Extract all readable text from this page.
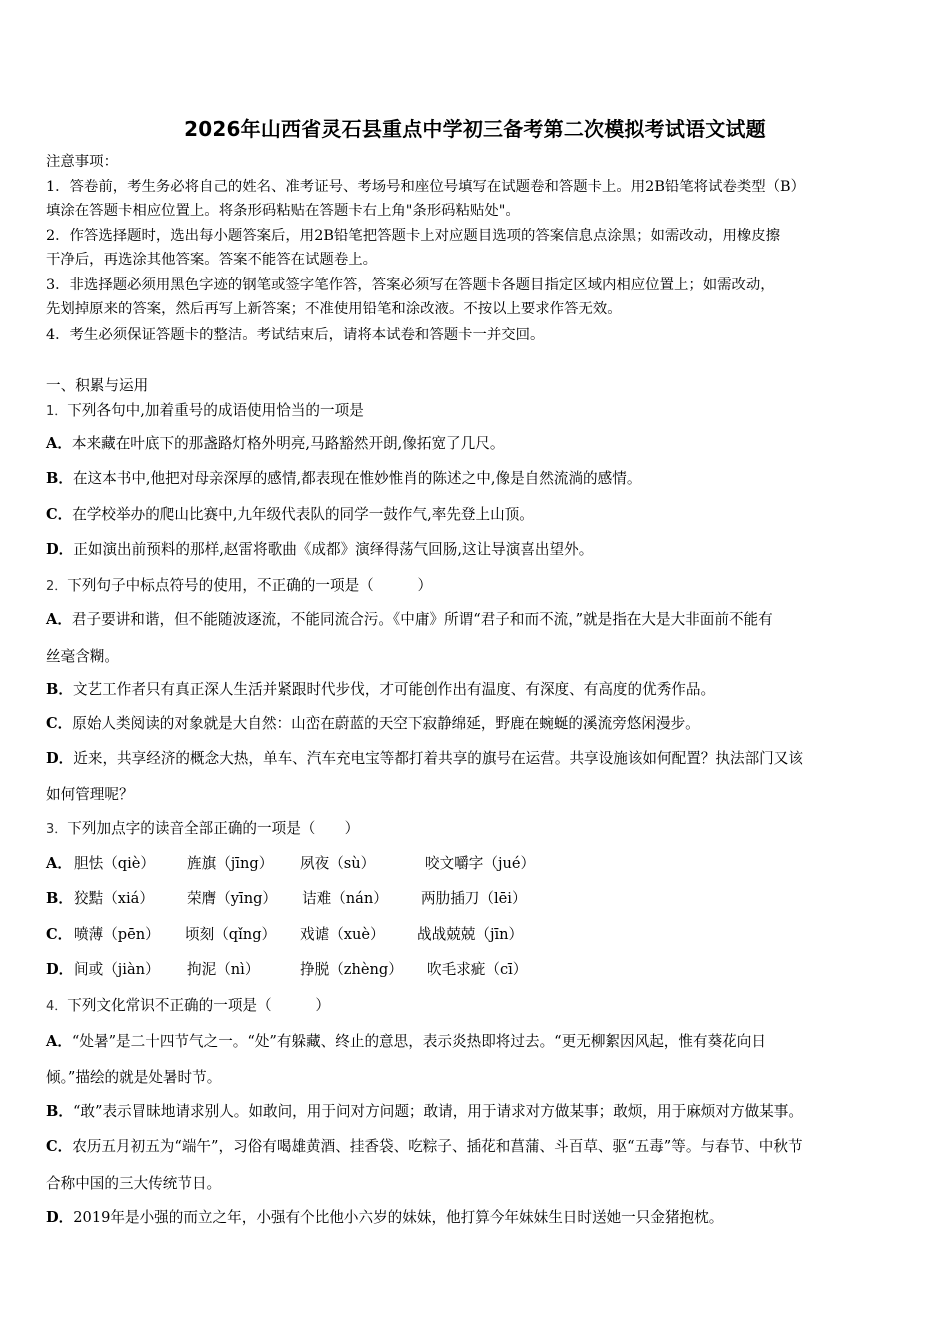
2026年山西省灵石县重点中学初三备考第二次模拟考试语文试题
注意事项：
1．答卷前，考生务必将自己的姓名、准考证号、考场号和座位号填写在试题卷和答题卡上。用2B铅笔将试卷类型（B）
填涂在答题卡相应位置上。将条形码粘贴在答题卡右上角"条形码粘贴处"。
2．作答选择题时，选出每小题答案后，用2B铅笔把答题卡上对应题目选项的答案信息点涂黑；如需改动，用橡皮擦
干净后，再选涂其他答案。答案不能答在试题卷上。
3．非选择题必须用黑色字迹的钢笔或签字笔作答，答案必须写在答题卡各题目指定区域内相应位置上；如需改动，
先划掉原来的答案，然后再写上新答案；不准使用铅笔和涂改液。不按以上要求作答无效。
4．考生必须保证答题卡的整洁。考试结束后，请将本试卷和答题卡一并交回。
一、积累与运用
1．下列各句中,加着重号的成语使用恰当的一项是
A．本来藏在叶底下的那盏路灯格外明亮,马路豁然开朗,像拓宽了几尺。
B．在这本书中,他把对母亲深厚的感情,都表现在惟妙惟肖的陈述之中,像是自然流淌的感情。
C．在学校举办的爬山比赛中,九年级代表队的同学一鼓作气,率先登上山顶。
D．正如演出前预料的那样,赵雷将歌曲《成都》演绎得荡气回肠,这让导演喜出望外。
2．下列句子中标点符号的使用，不正确的一项是（　　　）
A．君子要讲和谐，但不能随波逐流，不能同流合污。《中庸》所谓“君子和而不流，”就是指在大是大非面前不能有
丝毫含糊。
B．文艺工作者只有真正深人生活并紧跟时代步伐，才可能创作出有温度、有深度、有高度的优秀作品。
C．原始人类阅读的对象就是大自然：山峦在蔚蓝的天空下寂静绵延，野鹿在蜿蜒的溪流旁悠闲漫步。
D．近来，共享经济的概念大热，单车、汽车充电宝等都打着共享的旗号在运营。共享设施该如何配置？执法部门又该
如何管理呢？
3．下列加点字的读音全部正确的一项是（　　）
A． 胆怯（qiè） 旌旗（jīng） 夙夜（sù）	咬文嚼字（jué）
B． 狡黠（xiá） 荣膺（yīng） 诘难（nán） 两肋插刀（lēi）
C． 喷薄（pēn） 顷刻（qǐng） 戏谑（xuè） 战战兢兢（jīn）
D． 间或（jiàn） 拘泥（nì）	挣脱（zhèng） 吹毛求疵（cī）
4．下列文化常识不正确的一项是（　　　）
A．“处暑”是二十四节气之一。“处”有躲藏、终止的意思，表示炎热即将过去。“更无柳絮因风起，惟有葵花向日
倾。”描绘的就是处暑时节。
B．“敢”表示冒昧地请求别人。如敢问，用于问对方问题；敢请，用于请求对方做某事；敢烦，用于麻烦对方做某事。
C．农历五月初五为“端午”，习俗有喝雄黄酒、挂香袋、吃粽子、插花和菖蒲、斗百草、驱“五毒”等。与春节、中秋节
合称中国的三大传统节日。
D．2019年是小强的而立之年，小强有个比他小六岁的妹妹，他打算今年妹妹生日时送她一只金猪抱枕。
